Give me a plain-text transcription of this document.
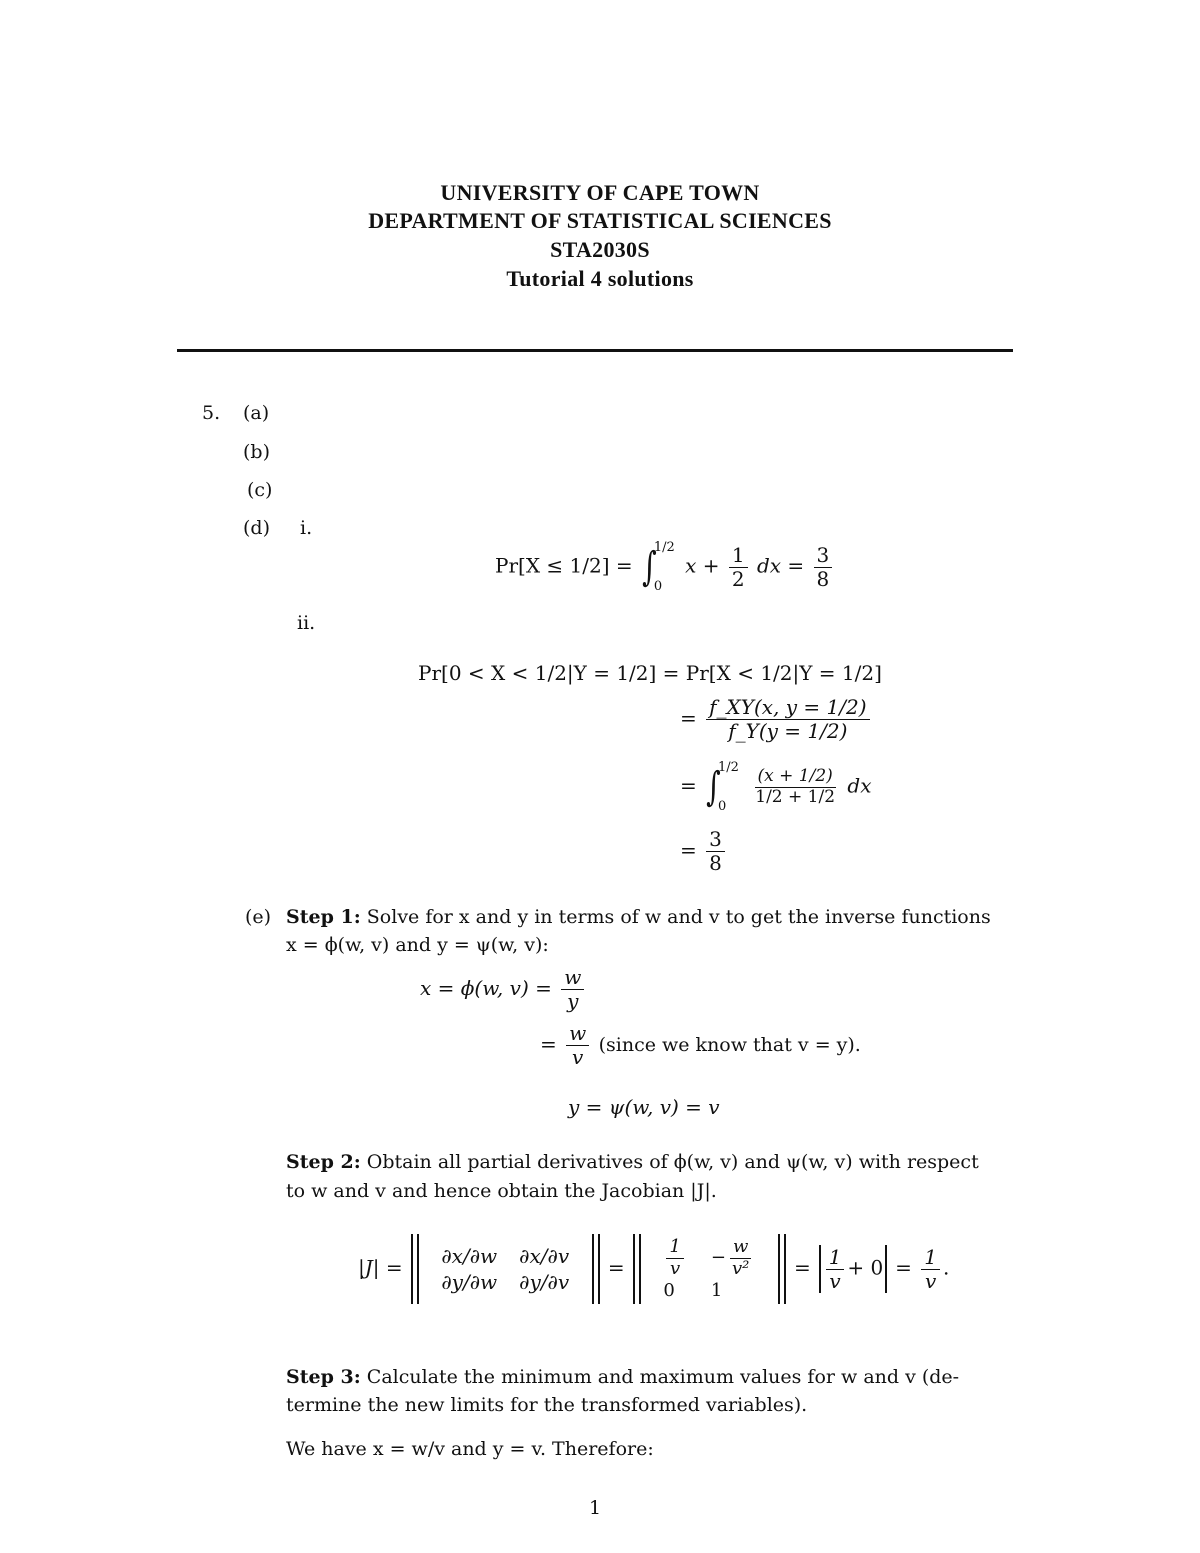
UNIVERSITY OF CAPE TOWN
DEPARTMENT OF STATISTICAL SCIENCES
STA2030S
Tutorial 4 solutions
5. (a)
(b)
(c)
(d) i.
Pr[X ≤ 1/2] = ∫
1/2
0
$x + \frac{1}{2}$ dx = $\frac{3}{8}$
ii.
Pr[0 < X < 1/2|Y = 1/2] = Pr[X < 1/2|Y = 1/2]
= $\frac{f\_XY(x, y = 1/2)}{f\_Y(y = 1/2)}$
= ∫
1/2
0
	$\frac{(x + 1/2)}{1/2 + 1/2}$ dx
= $\frac{3}{8}$
(e) Step 1: Solve for x and y in terms of w and v to get the inverse functions
x = ϕ(w, v) and y = ψ(w, v):
x = ϕ(w, $v) = \frac{w}{y}$
= $\frac{w}{v}$ (since we know that v = y).
y = ψ(w, v) = v
Step 2: Obtain all partial derivatives of ϕ(w, v) and ψ(w, v) with respect
to w and v and hence obtain the Jacobian |J|.
|J| = ∂x/∂w ∂x/∂v
∂y/∂w ∂y/∂v
= $\frac{1}{v} - \frac{w}{\text{v²}}$
0	1
= $\frac{1}{v} + 0 = \frac{1}{v}$ .
Step 3: Calculate the minimum and maximum values for w and v (de-
termine the new limits for the transformed variables).
We have x = w/v and y = v. Therefore:
1
